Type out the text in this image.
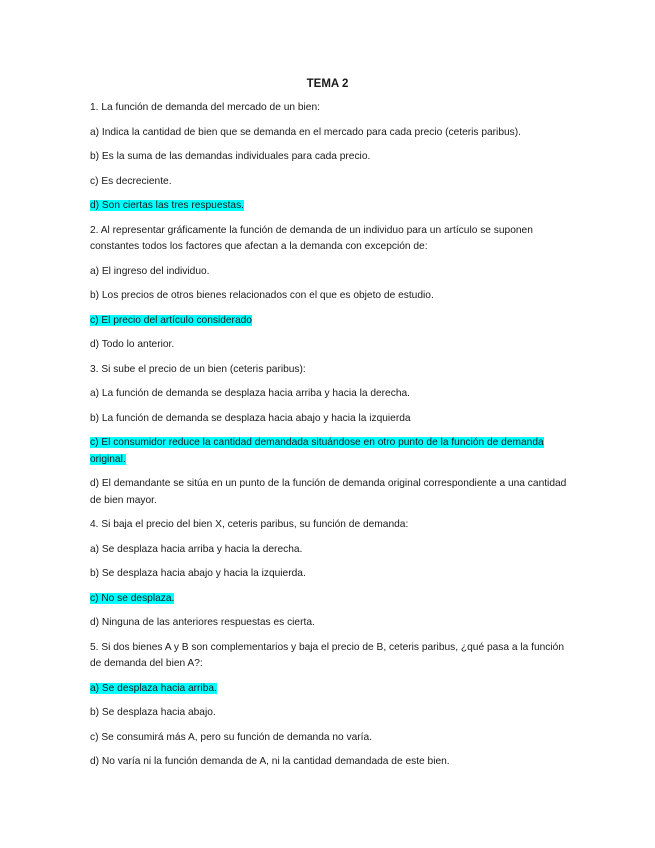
TEMA 2

1. La función de demanda del mercado de un bien:

a) Indica la cantidad de bien que se demanda en el mercado para cada precio (ceteris paribus).

b) Es la suma de las demandas individuales para cada precio.

c) Es decreciente.

d) Son ciertas las tres respuestas.

2. Al representar gráficamente la función de demanda de un individuo para un artículo se suponen constantes todos los factores que afectan a la demanda con excepción de:

a) El ingreso del individuo.

b) Los precios de otros bienes relacionados con el que es objeto de estudio.

c) El precio del artículo considerado

d) Todo lo anterior.

3. Si sube el precio de un bien (ceteris paribus):

a) La función de demanda se desplaza hacia arriba y hacia la derecha.

b) La función de demanda se desplaza hacia abajo y hacia la izquierda

c) El consumidor reduce la cantidad demandada situándose en otro punto de la función de demanda original.

d) El demandante se sitúa en un punto de la función de demanda original correspondiente a una cantidad de bien mayor.

4. Si baja el precio del bien X, ceteris paribus, su función de demanda:

a) Se desplaza hacia arriba y hacia la derecha.

b) Se desplaza hacia abajo y hacia la izquierda.

c) No se desplaza.

d) Ninguna de las anteriores respuestas es cierta.

5. Si dos bienes A y B son complementarios y baja el precio de B, ceteris paribus, ¿qué pasa a la función de demanda del bien A?:

a) Se desplaza hacia arriba.

b) Se desplaza hacia abajo.

c) Se consumirá más A, pero su función de demanda no varía.

d) No varía ni la función demanda de A, ni la cantidad demandada de este bien.
